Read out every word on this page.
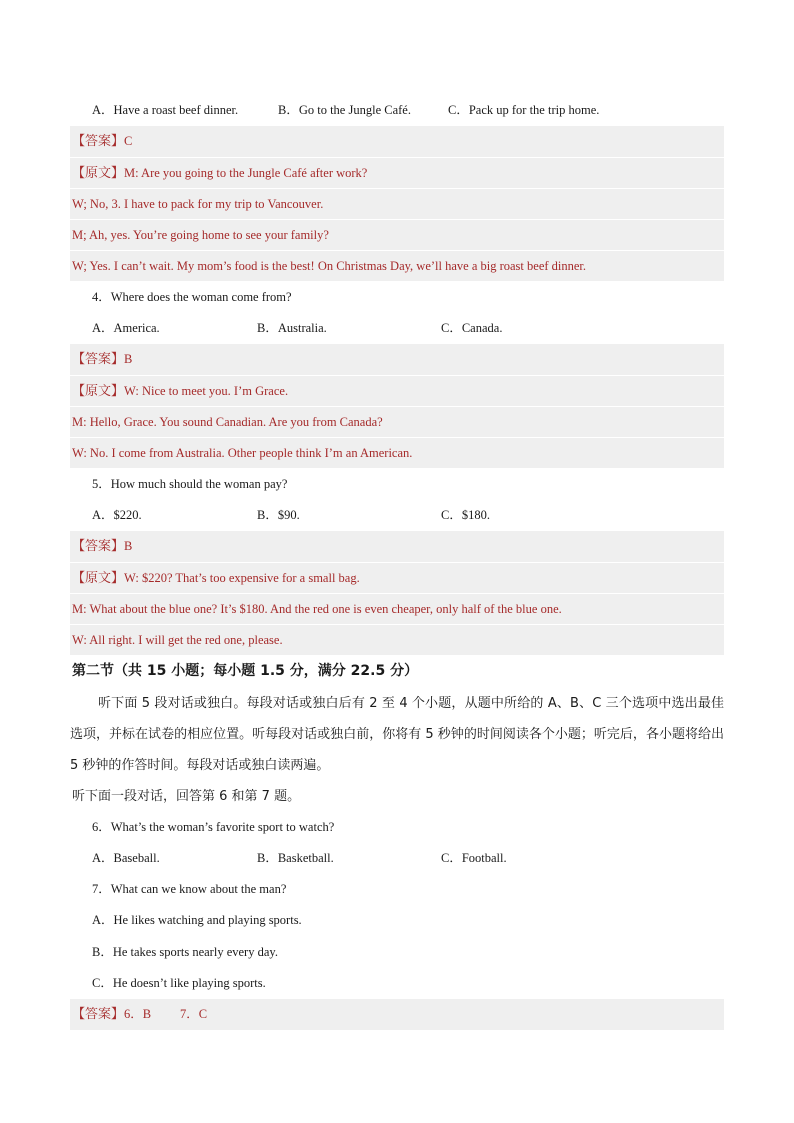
A．Have a roast beef dinner.	B．Go to the Jungle Café.	C．Pack up for the trip home.
【答案】C
【原文】M: Are you going to the Jungle Café after work?
W; No, 3. I have to pack for my trip to Vancouver.
M; Ah, yes. You’re going home to see your family?
W; Yes. I can’t wait. My mom’s food is the best! On Christmas Day, we’ll have a big roast beef dinner.
4．Where does the woman come from?
A．America.	B．Australia.	C．Canada.
【答案】B
【原文】W: Nice to meet you. I’m Grace.
M: Hello, Grace. You sound Canadian. Are you from Canada?
W: No. I come from Australia. Other people think I’m an American.
5．How much should the woman pay?
A．$220.	B．$90.	C．$180.
【答案】B
【原文】W: $220? That’s too expensive for a small bag.
M: What about the blue one? It’s $180. And the red one is even cheaper, only half of the blue one.
W: All right. I will get the red one, please.
第二节（共 15 小题；每小题 1.5 分，满分 22.5 分）
听下面 5 段对话或独白。每段对话或独白后有 2 至 4 个小题，从题中所给的 A、B、C 三个选项中选出最佳选项，并标在试卷的相应位置。听每段对话或独白前，你将有 5 秒钟的时间阅读各个小题；听完后，各小题将给出 5 秒钟的作答时间。每段对话或独白读两遍。
听下面一段对话，回答第 6 和第 7 题。
6．What’s the woman’s favorite sport to watch?
A．Baseball.	B．Basketball.	C．Football.
7．What can we know about the man?
A．He likes watching and playing sports.
B．He takes sports nearly every day.
C．He doesn’t like playing sports.
【答案】6．B 7．C
